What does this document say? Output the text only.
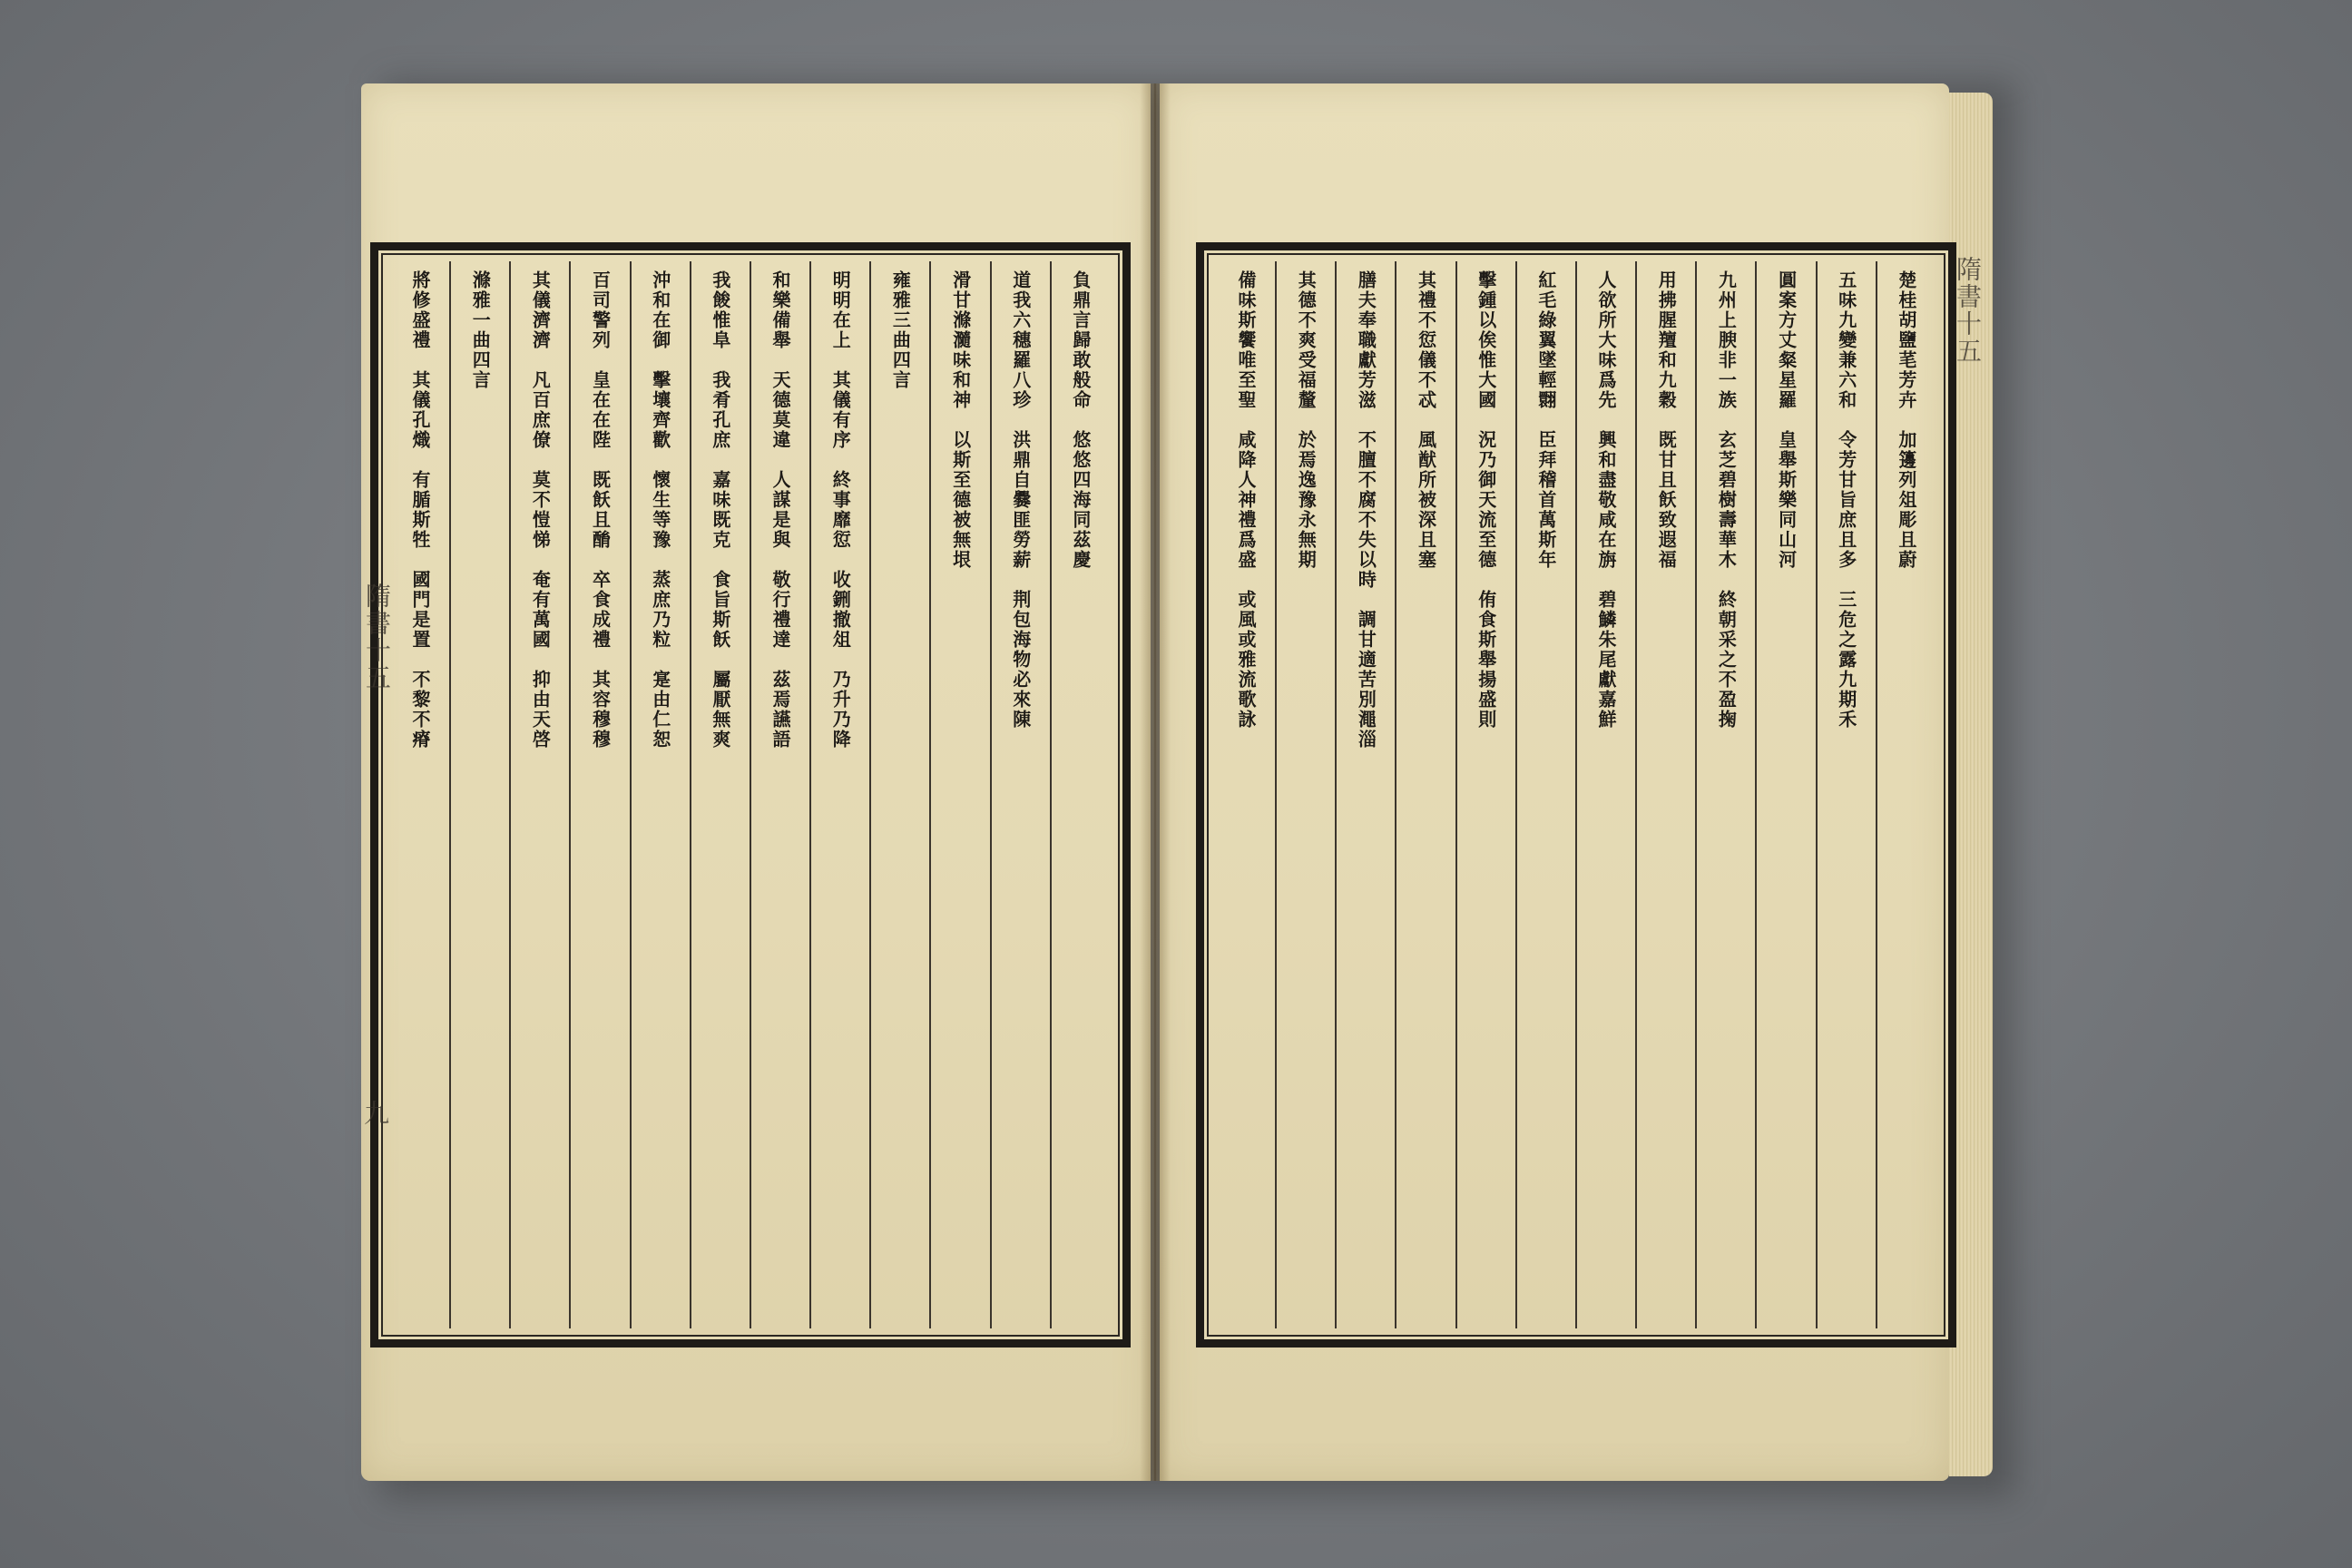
負鼎言歸敢般命　悠悠四海同茲慶
道我六穗羅八珍　洪鼎自爨匪勞薪　荆包海物必來陳
滑甘滌瀡味和神　以斯至德被無垠
雍雅三曲四言
明明在上　其儀有序　終事靡愆　收鉶撤俎　乃升乃降
和樂備舉　天德莫違　人謀是與　敬行禮達　茲焉讌語
我餕惟阜　我肴孔庶　嘉味既克　食旨斯飫　屬厭無爽
沖和在御　擊壤齊歡　懷生等豫　蒸庶乃粒　寔由仁恕
百司警列　皇在在陛　既飫且酳　卒食成禮　其容穆穆
其儀濟濟　凡百庶僚　莫不愷悌　奄有萬國　抑由天啓
滌雅一曲四言
將修盛禮　其儀孔熾　有腯斯牲　國門是置　不黎不瘠
隋書十五
九
楚桂胡鹽芼芳卉　加籩列俎彫且蔚
五味九變兼六和　令芳甘旨庶且多　三危之露九期禾
圓案方丈粲星羅　皇舉斯樂同山河
九州上腴非一族　玄芝碧樹壽華木　終朝采之不盈掬
用拂腥羶和九穀　既甘且飫致遐福
人欲所大味爲先　興和盡敬咸在旃　碧鱗朱尾獻嘉鮮
紅毛綠翼墜輕翾　臣拜稽首萬斯年
擊鍾以俟惟大國　況乃御天流至德　侑食斯舉揚盛則
其禮不愆儀不忒　風猷所被深且塞
膳夫奉職獻芳滋　不膻不腐不失以時　調甘適苦別澠淄
其德不爽受福釐　於焉逸豫永無期
備味斯饗唯至聖　咸降人神禮爲盛　或風或雅流歌詠	隋書十五
